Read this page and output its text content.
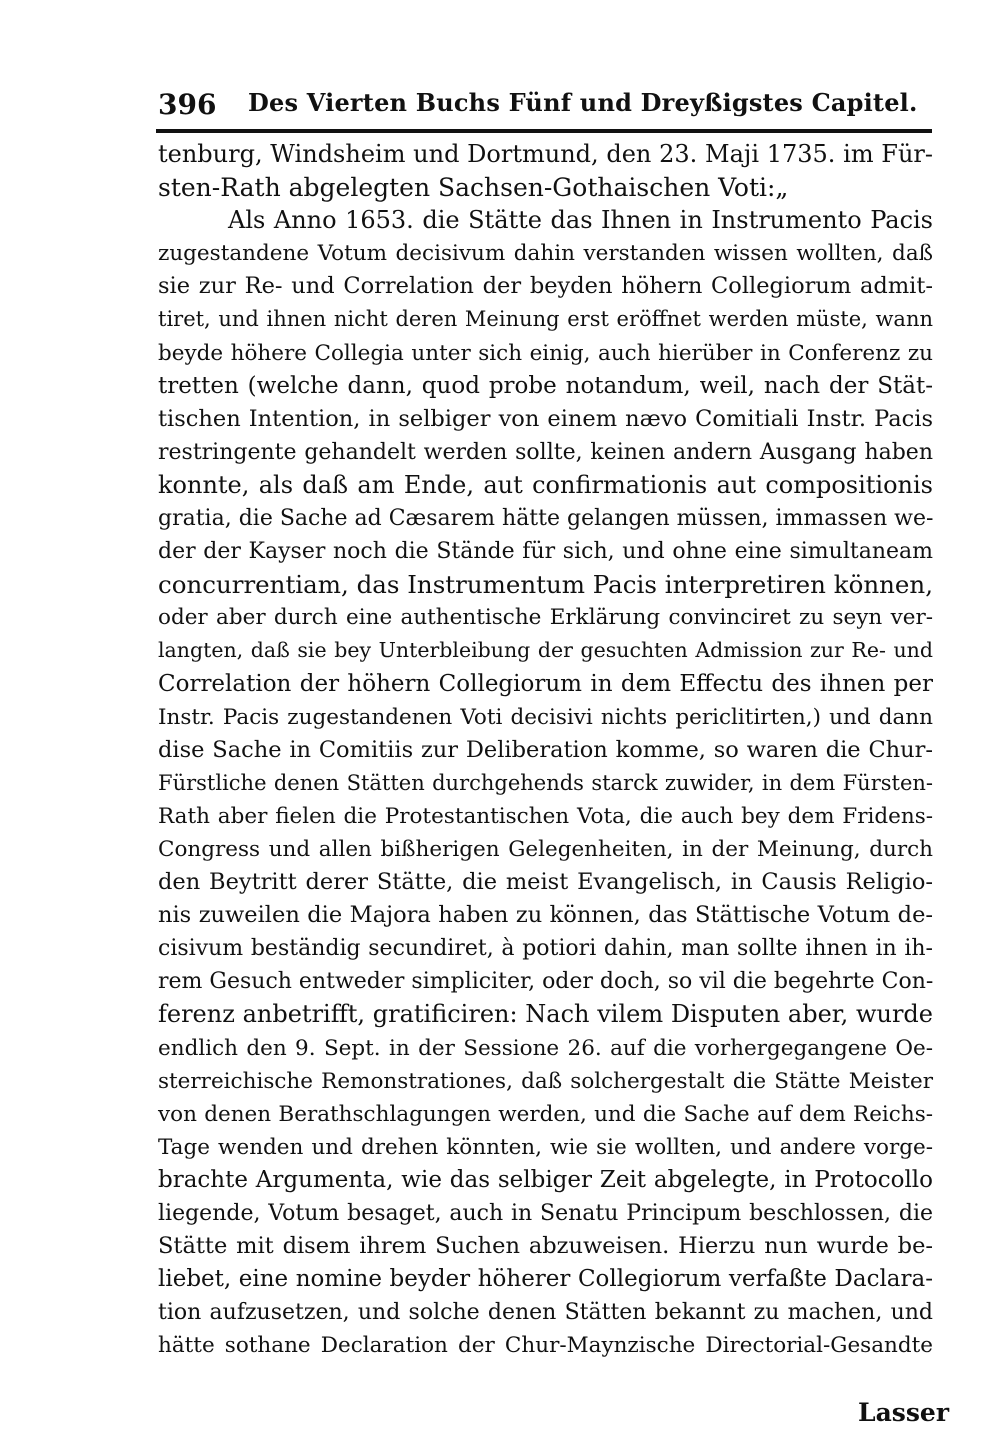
396 Des Vierten Buchs Fünf und Dreyßigstes Capitel.
tenburg, Windsheim und Dortmund, den 23. Maji 1735. im Für-
sten-Rath abgelegten Sachsen-Gothaischen Voti:„
Als Anno 1653. die Stätte das Ihnen in Instrumento Pacis
zugestandene Votum decisivum dahin verstanden wissen wollten, daß
sie zur Re- und Correlation der beyden höhern Collegiorum admit-
tiret, und ihnen nicht deren Meinung erst eröffnet werden müste, wann
beyde höhere Collegia unter sich einig, auch hierüber in Conferenz zu
tretten (welche dann, quod probe notandum, weil, nach der Stät-
tischen Intention, in selbiger von einem nævo Comitiali Instr. Pacis
restringente gehandelt werden sollte, keinen andern Ausgang haben
konnte, als daß am Ende, aut confirmationis aut compositionis
gratia, die Sache ad Cæsarem hätte gelangen müssen, immassen we-
der der Kayser noch die Stände für sich, und ohne eine simultaneam
concurrentiam, das Instrumentum Pacis interpretiren können,
oder aber durch eine authentische Erklärung convinciret zu seyn ver-
langten, daß sie bey Unterbleibung der gesuchten Admission zur Re- und
Correlation der höhern Collegiorum in dem Effectu des ihnen per
Instr. Pacis zugestandenen Voti decisivi nichts periclitirten,) und dann
dise Sache in Comitiis zur Deliberation komme, so waren die Chur-
Fürstliche denen Stätten durchgehends starck zuwider, in dem Fürsten-
Rath aber fielen die Protestantischen Vota, die auch bey dem Fridens-
Congress und allen bißherigen Gelegenheiten, in der Meinung, durch
den Beytritt derer Stätte, die meist Evangelisch, in Causis Religio-
nis zuweilen die Majora haben zu können, das Stättische Votum de-
cisivum beständig secundiret, à potiori dahin, man sollte ihnen in ih-
rem Gesuch entweder simpliciter, oder doch, so vil die begehrte Con-
ferenz anbetrifft, gratificiren: Nach vilem Disputen aber, wurde
endlich den 9. Sept. in der Sessione 26. auf die vorhergegangene Oe-
sterreichische Remonstrationes, daß solchergestalt die Stätte Meister
von denen Berathschlagungen werden, und die Sache auf dem Reichs-
Tage wenden und drehen könnten, wie sie wollten, und andere vorge-
brachte Argumenta, wie das selbiger Zeit abgelegte, in Protocollo
liegende, Votum besaget, auch in Senatu Principum beschlossen, die
Stätte mit disem ihrem Suchen abzuweisen. Hierzu nun wurde be-
liebet, eine nomine beyder höherer Collegiorum verfaßte Daclara-
tion aufzusetzen, und solche denen Stätten bekannt zu machen, und
hätte sothane Declaration der Chur-Maynzische Directorial-Gesandte
Lasser
